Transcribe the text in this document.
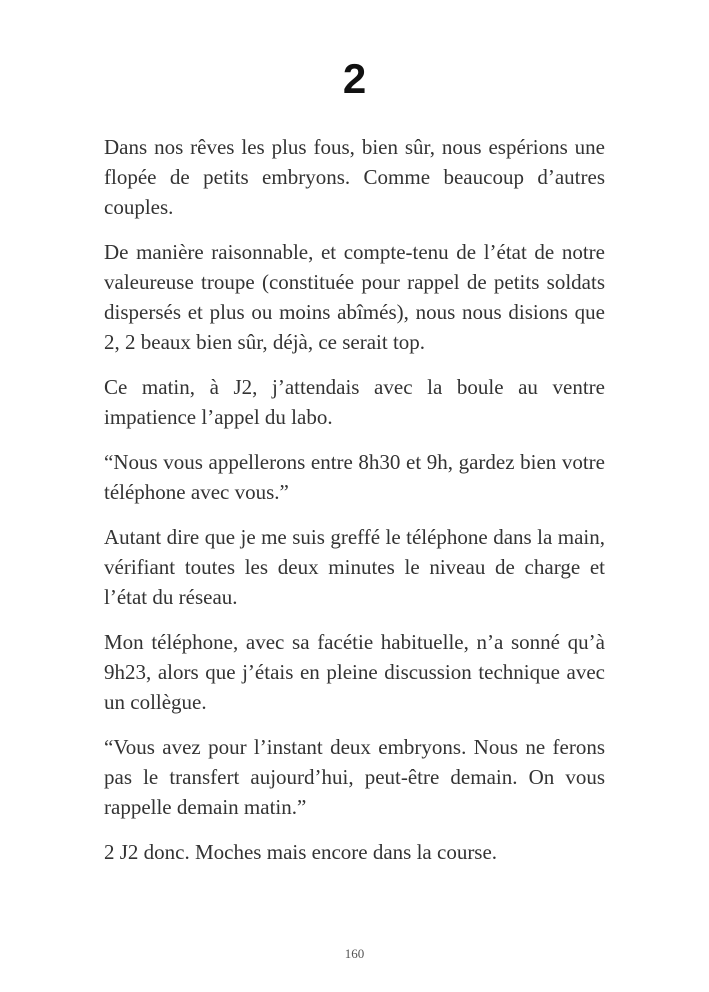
2

Dans nos rêves les plus fous, bien sûr, nous espérions une flopée de petits embryons. Comme beaucoup d’autres couples.

De manière raisonnable, et compte-tenu de l’état de notre valeureuse troupe (constituée pour rappel de petits soldats dispersés et plus ou moins abîmés), nous nous disions que 2, 2 beaux bien sûr, déjà, ce serait top.

Ce matin, à J2, j’attendais avec la boule au ventre impatience l’appel du labo.

“Nous vous appellerons entre 8h30 et 9h, gardez bien votre téléphone avec vous.”

Autant dire que je me suis greffé le téléphone dans la main, vérifiant toutes les deux minutes le niveau de charge et l’état du réseau.

Mon téléphone, avec sa facétie habituelle, n’a sonné qu’à 9h23, alors que j’étais en pleine discussion technique avec un collègue.

“Vous avez pour l’instant deux embryons. Nous ne ferons pas le transfert aujourd’hui, peut-être demain. On vous rappelle demain matin.”

2 J2 donc. Moches mais encore dans la course.

160
